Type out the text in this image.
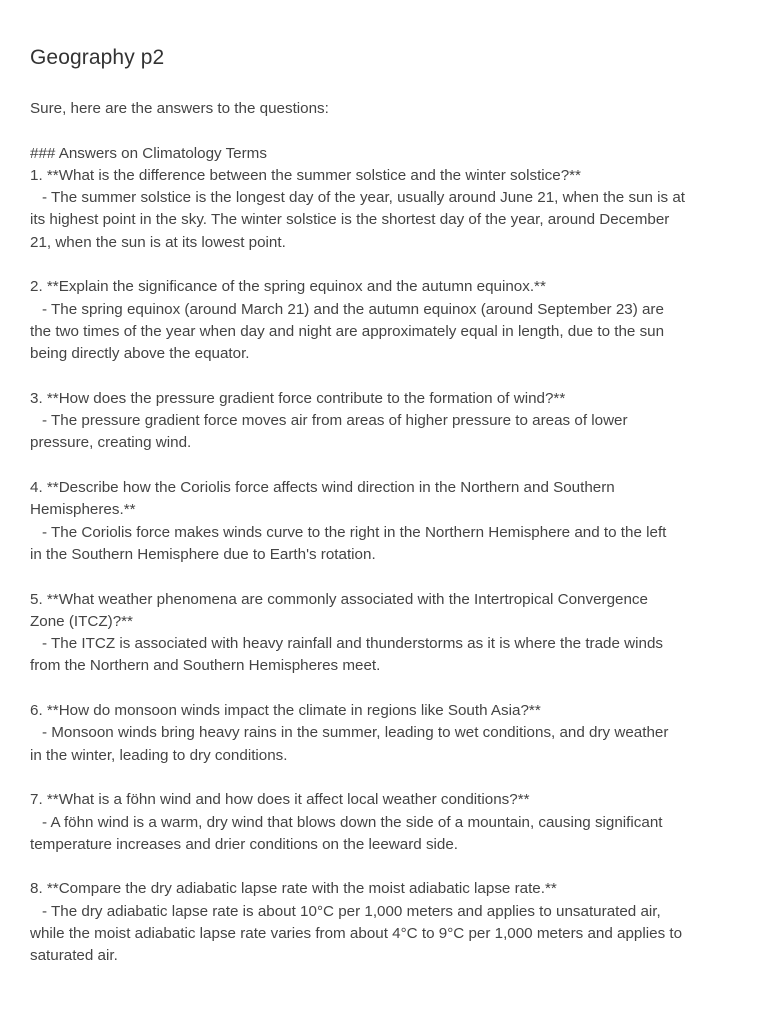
Geography p2
Sure, here are the answers to the questions:
### Answers on Climatology Terms
1. **What is the difference between the summer solstice and the winter solstice?**
- The summer solstice is the longest day of the year, usually around June 21, when the sun is at
its highest point in the sky. The winter solstice is the shortest day of the year, around December
21, when the sun is at its lowest point.
2. **Explain the significance of the spring equinox and the autumn equinox.**
- The spring equinox (around March 21) and the autumn equinox (around September 23) are
the two times of the year when day and night are approximately equal in length, due to the sun
being directly above the equator.
3. **How does the pressure gradient force contribute to the formation of wind?**
- The pressure gradient force moves air from areas of higher pressure to areas of lower
pressure, creating wind.
4. **Describe how the Coriolis force affects wind direction in the Northern and Southern
Hemispheres.**
- The Coriolis force makes winds curve to the right in the Northern Hemisphere and to the left
in the Southern Hemisphere due to Earth's rotation.
5. **What weather phenomena are commonly associated with the Intertropical Convergence
Zone (ITCZ)?**
- The ITCZ is associated with heavy rainfall and thunderstorms as it is where the trade winds
from the Northern and Southern Hemispheres meet.
6. **How do monsoon winds impact the climate in regions like South Asia?**
- Monsoon winds bring heavy rains in the summer, leading to wet conditions, and dry weather
in the winter, leading to dry conditions.
7. **What is a föhn wind and how does it affect local weather conditions?**
- A föhn wind is a warm, dry wind that blows down the side of a mountain, causing significant
temperature increases and drier conditions on the leeward side.
8. **Compare the dry adiabatic lapse rate with the moist adiabatic lapse rate.**
- The dry adiabatic lapse rate is about 10°C per 1,000 meters and applies to unsaturated air,
while the moist adiabatic lapse rate varies from about 4°C to 9°C per 1,000 meters and applies to
saturated air.
